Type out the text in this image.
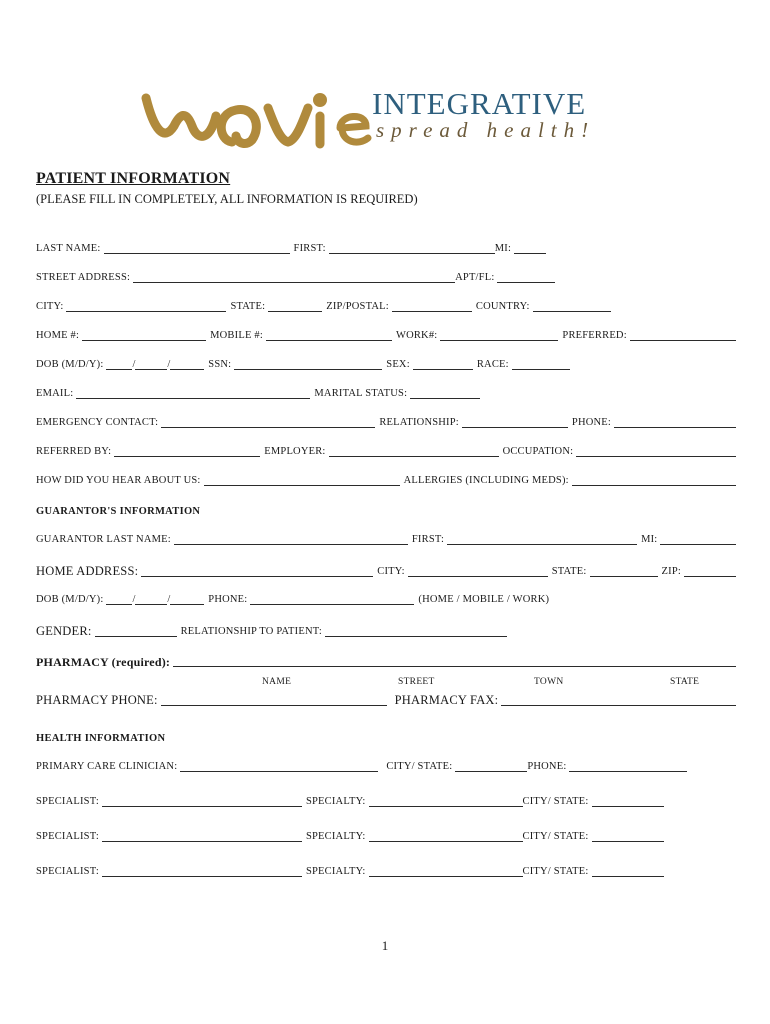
INTEGRATIVE
spread health!
PATIENT INFORMATION
(PLEASE FILL IN COMPLETELY, ALL INFORMATION IS REQUIRED)
LAST NAME:	FIRST:	MI:
STREET ADDRESS:	APT/FL:
CITY:	STATE:	ZIP/POSTAL:	COUNTRY:
HOME #:	MOBILE #:	WORK#:	PREFERRED:
DOB (M/D/Y):	/	/	SSN:	SEX:	RACE:
EMAIL:	MARITAL STATUS:
EMERGENCY CONTACT:	RELATIONSHIP:	PHONE:
REFERRED BY:	EMPLOYER:	OCCUPATION:
HOW DID YOU HEAR ABOUT US:	ALLERGIES (INCLUDING MEDS):
GUARANTOR'S INFORMATION
GUARANTOR LAST NAME:	FIRST:	MI:
HOME ADDRESS:	CITY:	STATE:	ZIP:
DOB (M/D/Y):	/	/	PHONE:	(HOME / MOBILE / WORK)
GENDER:	RELATIONSHIP TO PATIENT:
PHARMACY (required):
NAME	STREET	TOWN	STATE
PHARMACY PHONE:	PHARMACY FAX:
HEALTH INFORMATION
PRIMARY CARE CLINICIAN:	CITY/ STATE:	PHONE:
SPECIALIST:	SPECIALTY:	CITY/ STATE:
SPECIALIST:	SPECIALTY:	CITY/ STATE:
SPECIALIST:	SPECIALTY:	CITY/ STATE:
1
